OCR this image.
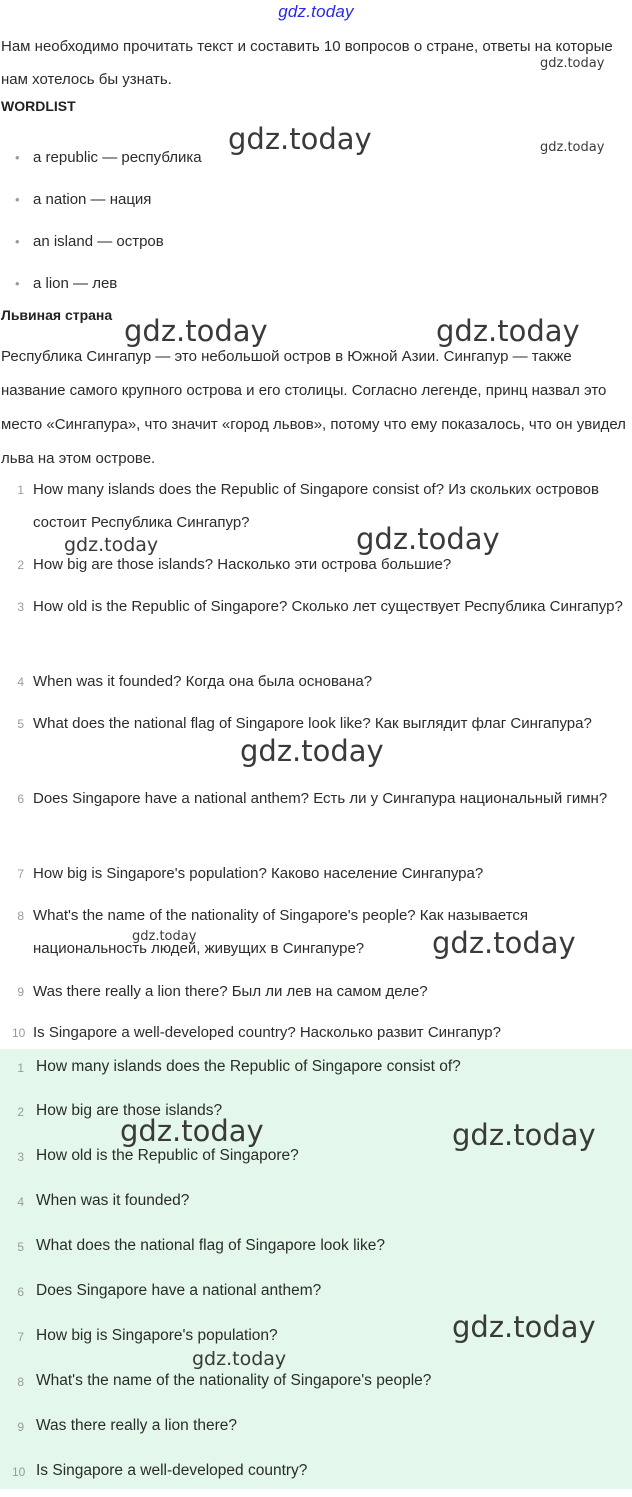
gdz.today
Нам необходимо прочитать текст и составить 10 вопросов о стране, ответы на которые нам хотелось бы узнать.
WORDLIST
• a republic — республика
• a nation — нация
• an island — остров
• a lion — лев
Львиная страна
Республика Сингапур — это небольшой остров в Южной Азии. Сингапур — также название самого крупного острова и его столицы. Согласно легенде, принц назвал это место «Сингапура», что значит «город львов», потому что ему показалось, что он увидел льва на этом острове.
1 How many islands does the Republic of Singapore consist of? Из скольких островов состоит Республика Сингапур?
2 How big are those islands? Насколько эти острова большие?
3 How old is the Republic of Singapore? Сколько лет существует Республика Сингапур?
4 When was it founded? Когда она была основана?
5 What does the national flag of Singapore look like? Как выглядит флаг Сингапура?
6 Does Singapore have a national anthem? Есть ли у Сингапура национальный гимн?
7 How big is Singapore's population? Каково население Сингапура?
8 What's the name of the nationality of Singapore's people? Как называется национальность людей, живущих в Сингапуре?
9 Was there really a lion there? Был ли лев на самом деле?
10 Is Singapore a well-developed country? Насколько развит Сингапур?
1 How many islands does the Republic of Singapore consist of?
2 How big are those islands?
3 How old is the Republic of Singapore?
4 When was it founded?
5 What does the national flag of Singapore look like?
6 Does Singapore have a national anthem?
7 How big is Singapore's population?
8 What's the name of the nationality of Singapore's people?
9 Was there really a lion there?
10 Is Singapore a well-developed country?
gdz.today
gdz.today	gdz.today
gdz.today	gdz.today
gdz.today	gdz.today
gdz.today
gdz.today	gdz.today
gdz.today	gdz.today
gdz.today
gdz.today
